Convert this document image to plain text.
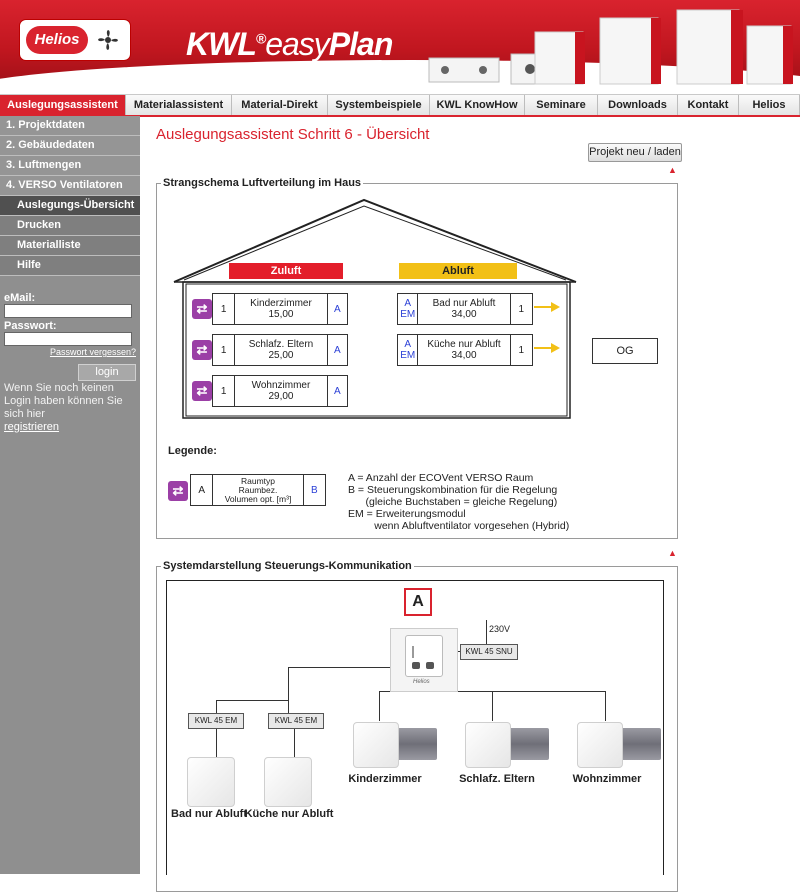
Helios	KWL®easyPlan
Auslegungsassistent	Materialassistent	Material-Direkt	Systembeispiele	KWL KnowHow	Seminare	Downloads	Kontakt	Helios
1. Projektdaten
2. Gebäudedaten
3. Luftmengen
4. VERSO Ventilatoren
Auslegungs-Übersicht
Drucken
Materialliste
Hilfe
eMail:
Passwort:
Passwort vergessen?
login
Wenn Sie noch keinen Login haben können Sie sich hier
registrieren
Auslegungsassistent Schritt 6 - Übersicht
Projekt neu / laden
▲
Strangschema Luftverteilung im Haus
Zuluft	Abluft
⇄	1	Kinderzimmer
15,00	A
⇄	1	Schlafz. Eltern
25,00	A
⇄	1	Wohnzimmer
29,00	A
A
EM
Bad nur Abluft
34,00	1
A
EM
Küche nur Abluft
34,00	1	OG
Legende:
⇄	A
Raumtyp
Raumbez.
Volumen opt. [m³]
B
A = Anzahl der ECOVent VERSO Raum
B = Steuerungskombination für die Regelung
(gleiche Buchstaben = gleiche Regelung)
EM = Erweiterungsmodul
wenn Abluftventilator vorgesehen (Hybrid)
▲
Systemdarstellung Steuerungs-Kommunikation
A
230V
Helios
KWL 45 SNU
KWL 45 EM	KWL 45 EM
Bad nur Abluft
Küche nur Abluft
Kinderzimmer	Schlafz. Eltern	Wohnzimmer
